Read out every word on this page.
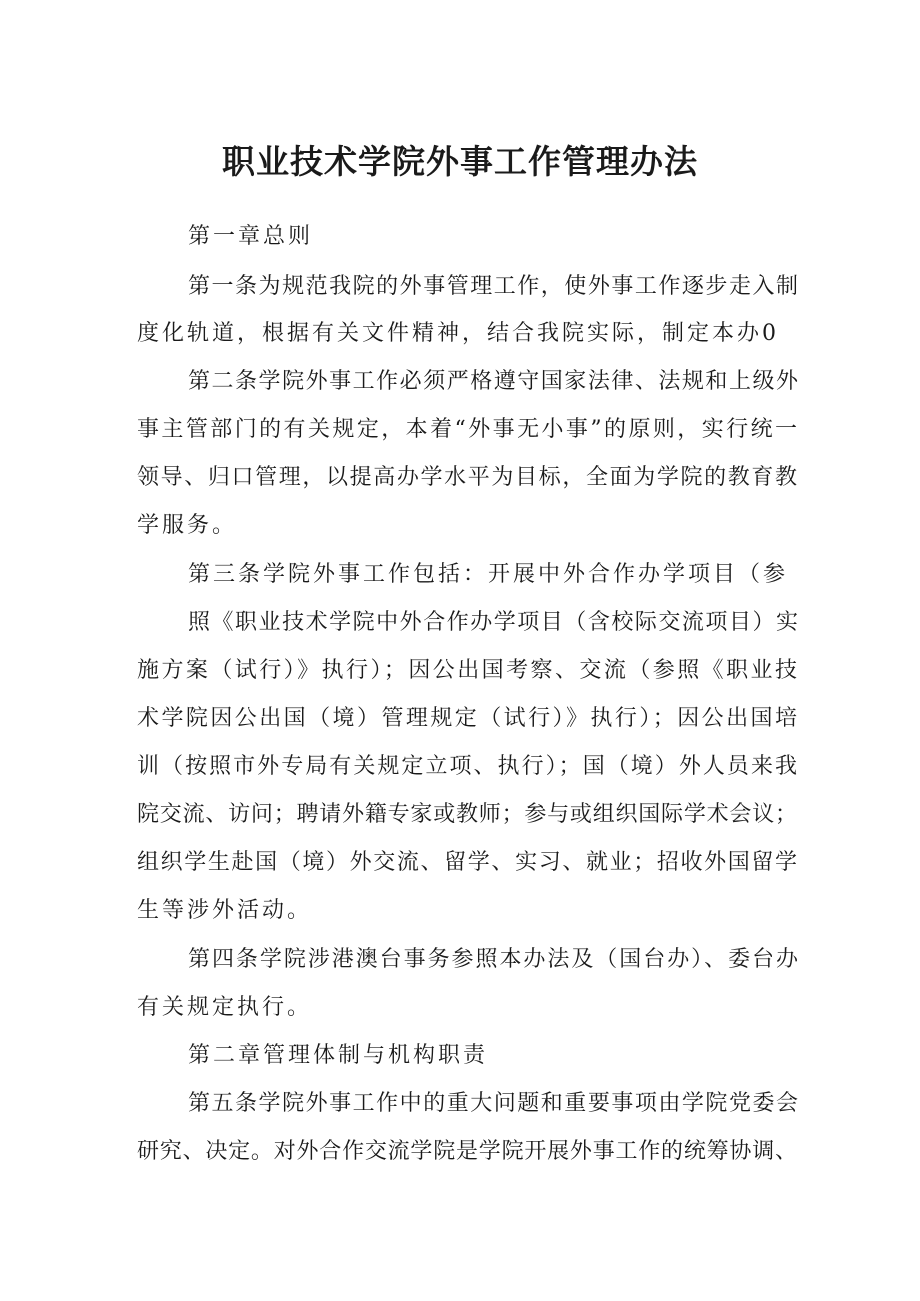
职业技术学院外事工作管理办法

第一章总则

第一条为规范我院的外事管理工作，使外事工作逐步走入制

度化轨道，根据有关文件精神，结合我院实际，制定本办0

第二条学院外事工作必须严格遵守国家法律、法规和上级外

事主管部门的有关规定，本着“外事无小事”的原则，实行统一

领导、归口管理，以提高办学水平为目标，全面为学院的教育教

学服务。

第三条学院外事工作包括：开展中外合作办学项目（参

照《职业技术学院中外合作办学项目（含校际交流项目）实

施方案（试行）》执行）；因公出国考察、交流（参照《职业技

术学院因公出国（境）管理规定（试行）》执行）；因公出国培

训（按照市外专局有关规定立项、执行）；国（境）外人员来我

院交流、访问；聘请外籍专家或教师；参与或组织国际学术会议；

组织学生赴国（境）外交流、留学、实习、就业；招收外国留学

生等涉外活动。

第四条学院涉港澳台事务参照本办法及（国台办）、委台办

有关规定执行。

第二章管理体制与机构职责

第五条学院外事工作中的重大问题和重要事项由学院党委会

研究、决定。对外合作交流学院是学院开展外事工作的统筹协调、
